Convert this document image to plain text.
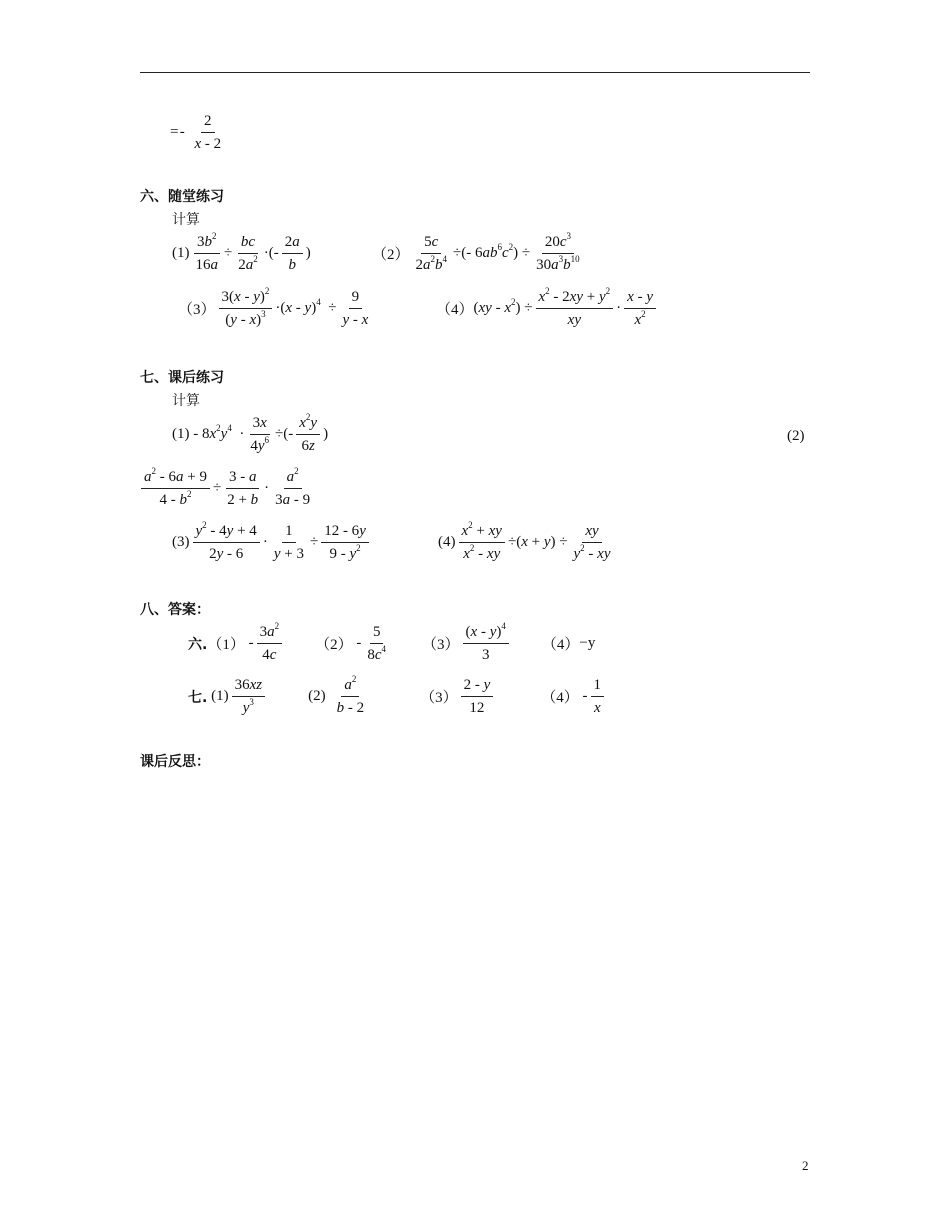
= - $\frac{2}{x - 2}$
六、随堂练习
计算
$(1) \frac{3b^2}{16a} \div \frac{bc}{2a^2}$ ·(- $\frac{2a}{b}$ )	$(2) \frac{5c}{2a^2b^4}$ ÷(- $6ab^6c^2) \div \frac{20c^3}{30a^3b^{10}}$
$(3) \frac{3(x - y)^2}{(y - x)^3} \cdot(x - y)^4 \div \frac{9}{y - x}$	（4） $(xy - x^2) \div \frac{x^2 - 2xy + y^2}{xy} \cdot \frac{x - y}{x^2}$
七、课后练习
计算
$(1) - 8x^2y^4 \cdot \frac{3x}{4y^6}$ ÷(- $\frac{x^2y}{6z}$ )	(2)
$\frac{a^2 - 6a + 9}{4 - b^2} \div \frac{3 - a}{2 + b} \cdot \frac{a^2}{3a - 9}$
$(3) \frac{y^2 - 4y + 4}{2y - 6} \cdot \frac{1}{y + 3} \div \frac{12 - 6y}{9 - y^2}$	$(4) \frac{x^2 + xy}{x^2 - xy} \div(x + y) \div \frac{xy}{y^2 - xy}$
八、答案：
六. $(1) - \frac{3a^2}{4c} (2) - \frac{5}{8c^4} (3) \frac{(x - y)^4}{3} (4) -y$
七.
$(1) \frac{36xz}{y^3}$	$(2) \frac{a^2}{b - 2}$	$(3) \frac{2 - y}{12}$	$(4) - \frac{1}{x}$
课后反思：
2
